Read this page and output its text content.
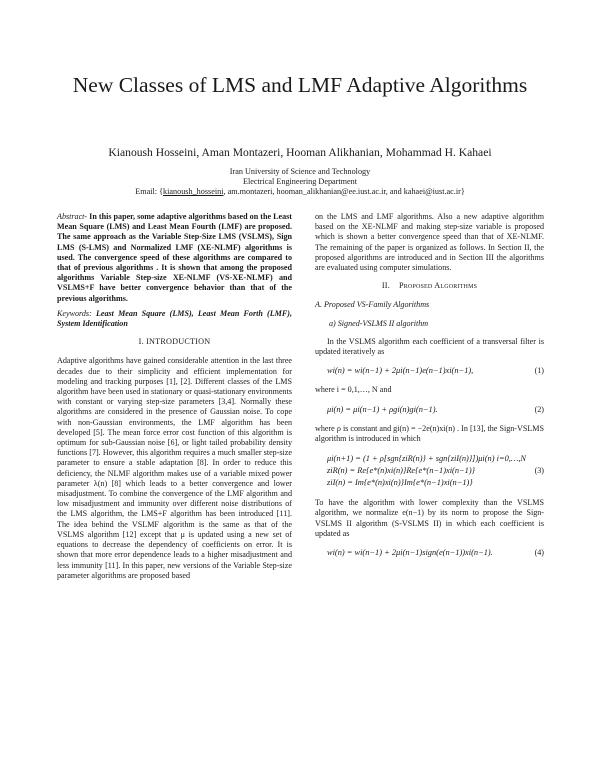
New Classes of LMS and LMF Adaptive Algorithms
Kianoush Hosseini, Aman Montazeri, Hooman Alikhanian, Mohammad H. Kahaei
Iran University of Science and Technology
Electrical Engineering Department
Email: {kianoush_hosseini, am.montazeri, hooman_alikhanian@ee.iust.ac.ir, and kahaei@iust.ac.ir}

Abstract- In this paper, some adaptive algorithms based on the Least Mean Square (LMS) and Least Mean Fourth (LMF) are proposed. The same approach as the Variable Step-Size LMS (VSLMS), Sign LMS (S-LMS) and Normalized LMF (XE-NLMF) algorithms is used. The convergence speed of these algorithms are compared to that of previous algorithms . It is shown that among the proposed algorithms Variable Step-size XE-NLMF (VS-XE-NLMF) and VSLMS+F have better convergence behavior than that of the previous algorithms.

Keywords: Least Mean Square (LMS), Least Mean Forth (LMF), System Identification

I. INTRODUCTION

Adaptive algorithms have gained considerable attention in the last three decades due to their simplicity and efficient implementation for modeling and tracking purposes [1], [2]. Different classes of the LMS algorithm have been used in stationary or quasi-stationary environments with constant or varying step-size parameters [3,4]. Normally these algorithms are considered in the presence of Gaussian noise. To cope with non-Gaussian environments, the LMF algorithm has been developed [5]. The mean force error cost function of this algorithm is optimum for sub-Gaussian noise [6], or light tailed probability density functions [7]. However, this algorithm requires a much smaller step-size parameter to ensure a stable adaptation [8]. In order to reduce this deficiency, the NLMF algorithm makes use of a variable mixed power parameter λ(n) [8] which leads to a better convergence and lower misadjustment. To combine the convergence of the LMF algorithm and low misadjustment and immunity over different noise distributions of the LMS algorithm, the LMS+F algorithm has been introduced [11]. The idea behind the VSLMF algorithm is the same as that of the VSLMS algorithm [12] except that μ is updated using a new set of equations to decrease the dependency of coefficients on error. It is shown that more error dependence leads to a higher misadjustment and less immunity [11]. In this paper, new versions of the Variable Step-size parameter algorithms are proposed based

on the LMS and LMF algorithms. Also a new adaptive algorithm based on the XE-NLMF and making step-size variable is proposed which is shown a better convergence speed than that of XE-NLMF. The remaining of the paper is organized as follows. In Section II, the proposed algorithms are introduced and in Section III the algorithms are evaluated using computer simulations.

II. Proposed Algorithms
A. Proposed VS-Family Algorithms
a) Signed-VSLMS II algorithm

In the VSLMS algorithm each coefficient of a transversal filter is updated iteratively as

wi(n) = wi(n−1) + 2μi(n−1)e(n−1)xi(n−1),	(1)

where i = 0,1,…, N and

μi(n) = μi(n−1) + ρgi(n)gi(n−1).	(2)

where ρ is constant and gi(n) = −2e(n)xi(n) . In [13], the Sign-VSLMS algorithm is introduced in which

μi(n+1) = (1 + ρ[sgn{ziR(n)} + sgn{ziI(n)}])μi(n) i=0,…,N
ziR(n) = Re{e*(n)xi(n)}Re{e*(n−1)xi(n−1)}
ziI(n) = Im{e*(n)xi(n)}Im{e*(n−1)xi(n−1)}
(3)

To have the algorithm with lower complexity than the VSLMS algorithm, we normalize e(n−1) by its norm to propose the Sign-VSLMS II algorithm (S-VSLMS II) in which each coefficient is updated as

wi(n) = wi(n−1) + 2μi(n−1)sign(e(n−1))xi(n−1).	(4)
